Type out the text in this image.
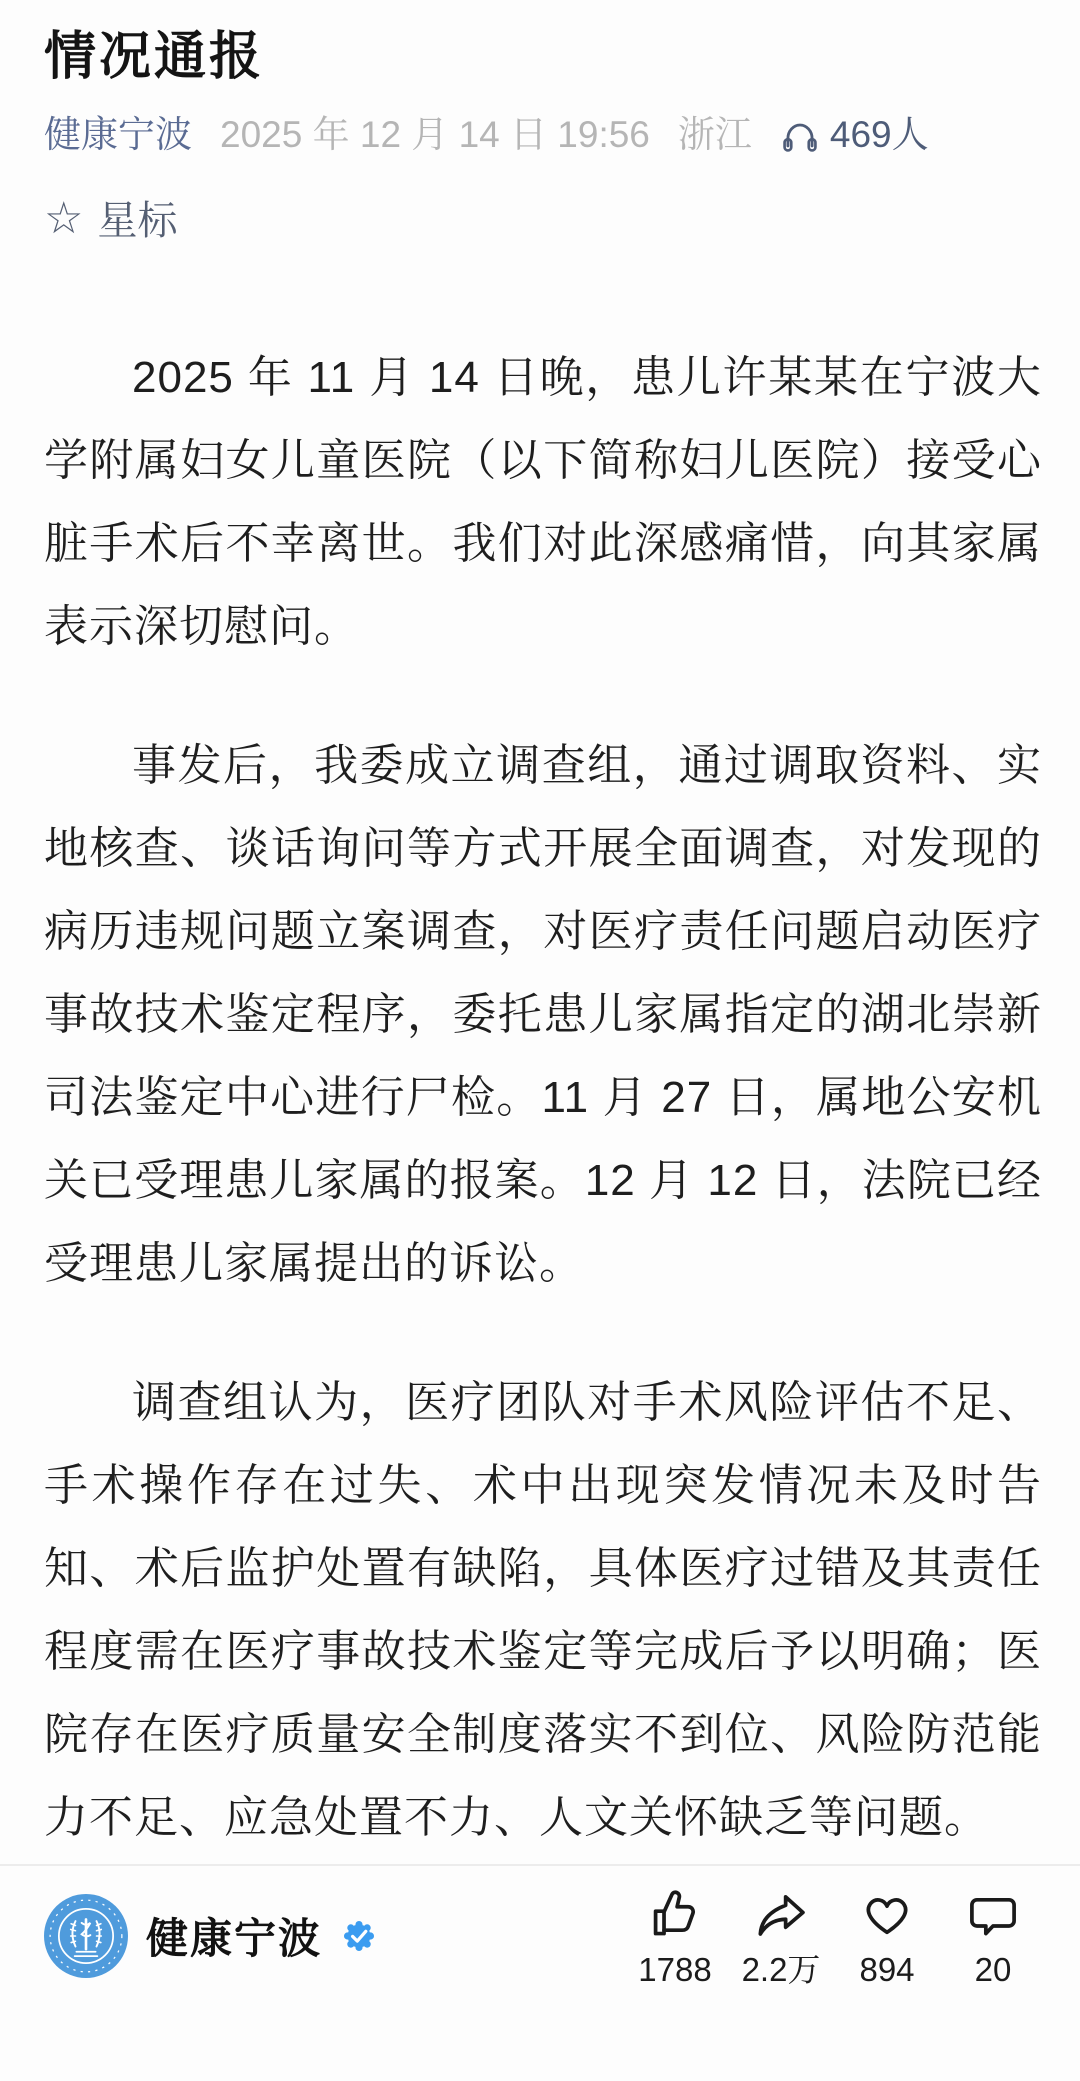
情况通报
健康宁波 2025 年 12 月 14 日 19:56 浙江 469人
☆ 星标

2025 年 11 月 14 日晚，患儿许某某在宁波大学附属妇女儿童医院（以下简称妇儿医院）接受心脏手术后不幸离世。我们对此深感痛惜，向其家属表示深切慰问。

事发后，我委成立调查组，通过调取资料、实地核查、谈话询问等方式开展全面调查，对发现的病历违规问题立案调查，对医疗责任问题启动医疗事故技术鉴定程序，委托患儿家属指定的湖北崇新司法鉴定中心进行尸检。11 月 27 日，属地公安机关已受理患儿家属的报案。12 月 12 日，法院已经受理患儿家属提出的诉讼。

调查组认为，医疗团队对手术风险评估不足、手术操作存在过失、术中出现突发情况未及时告知、术后监护处置有缺陷，具体医疗过错及其责任程度需在医疗事故技术鉴定等完成后予以明确；医院存在医疗质量安全制度落实不到位、风险防范能力不足、应急处置不力、人文关怀缺乏等问题。

健康宁波
1788 2.2万 894 20
